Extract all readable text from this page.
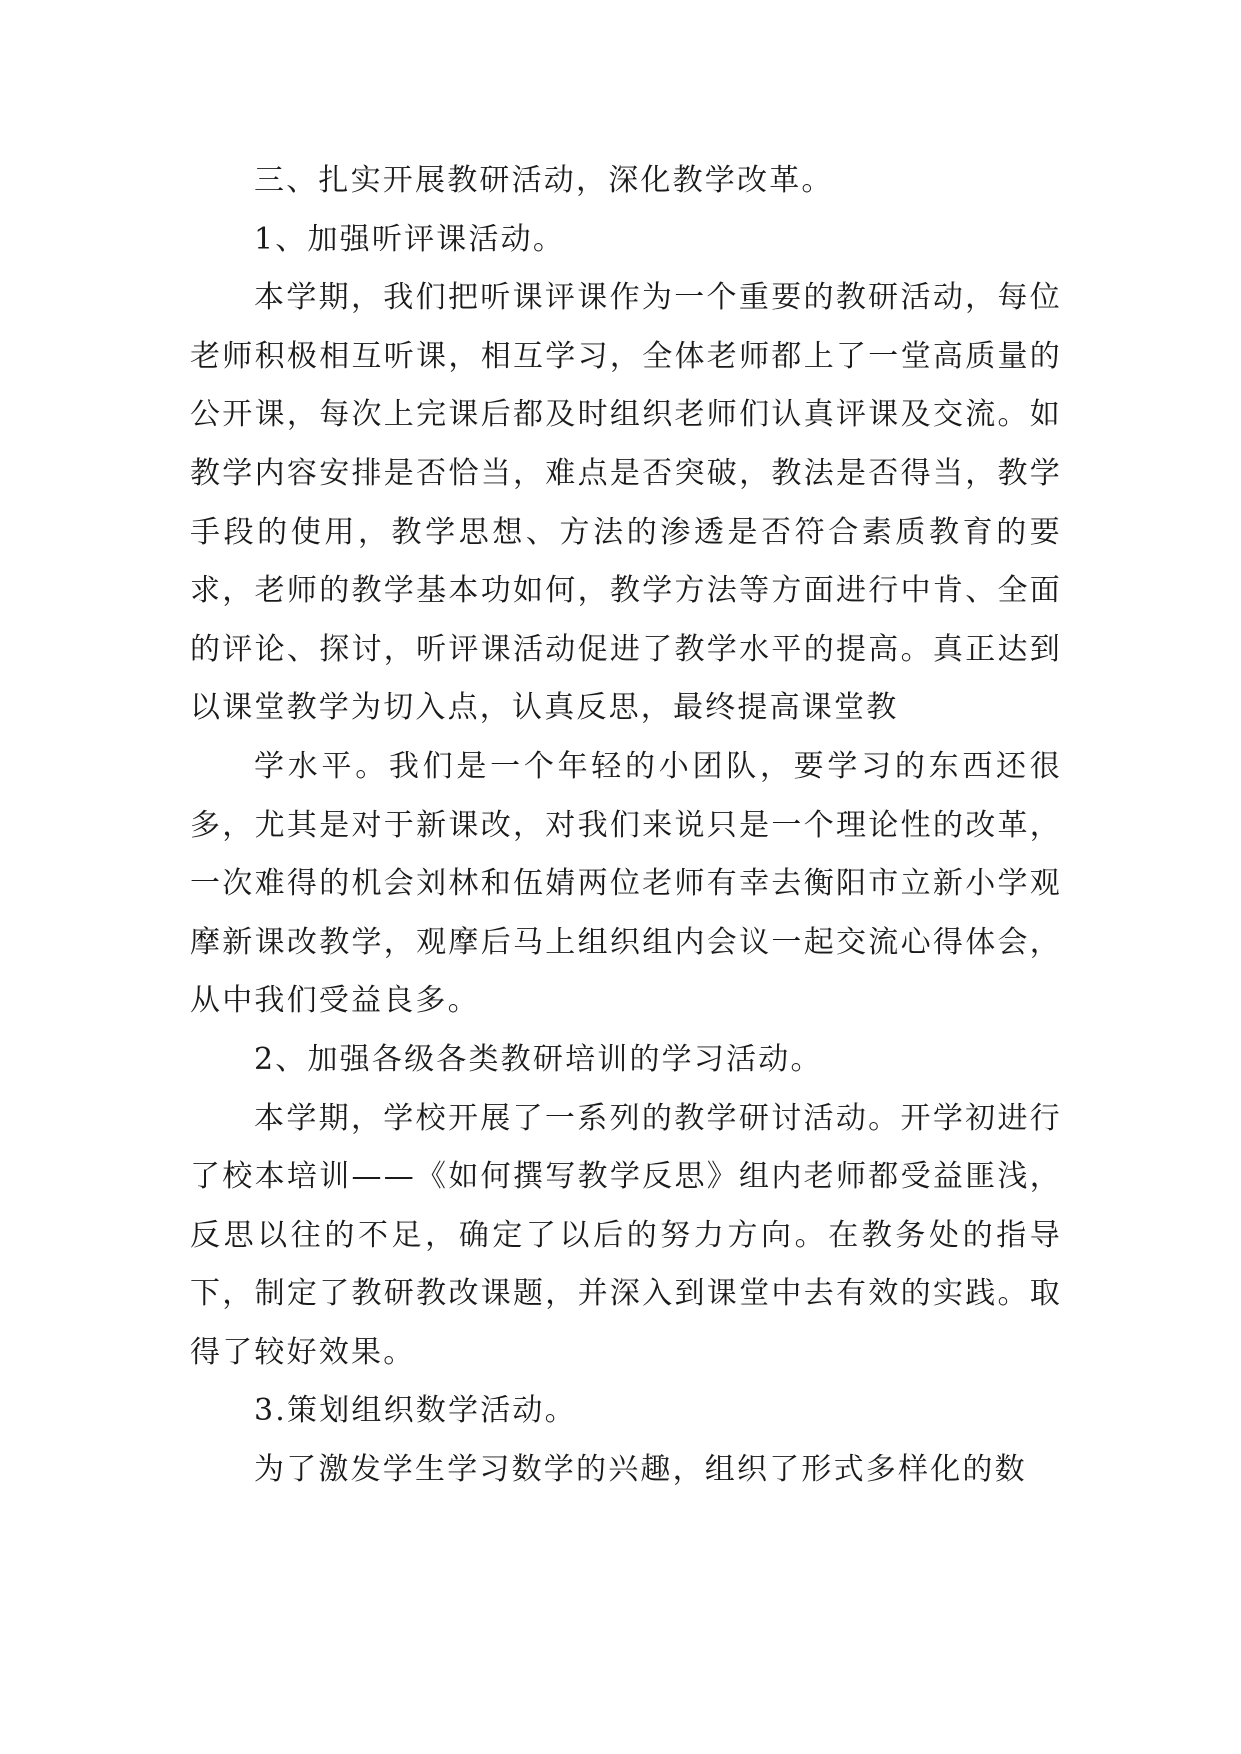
三、扎实开展教研活动，深化教学改革。

1、加强听评课活动。

本学期，我们把听课评课作为一个重要的教研活动，每位老师积极相互听课，相互学习，全体老师都上了一堂高质量的公开课，每次上完课后都及时组织老师们认真评课及交流。如教学内容安排是否恰当，难点是否突破，教法是否得当，教学手段的使用，教学思想、方法的渗透是否符合素质教育的要求，老师的教学基本功如何，教学方法等方面进行中肯、全面的评论、探讨，听评课活动促进了教学水平的提高。真正达到以课堂教学为切入点，认真反思，最终提高课堂教

学水平。我们是一个年轻的小团队，要学习的东西还很多，尤其是对于新课改，对我们来说只是一个理论性的改革，一次难得的机会刘林和伍婧两位老师有幸去衡阳市立新小学观摩新课改教学，观摩后马上组织组内会议一起交流心得体会，从中我们受益良多。

2、加强各级各类教研培训的学习活动。

本学期，学校开展了一系列的教学研讨活动。开学初进行了校本培训——《如何撰写教学反思》组内老师都受益匪浅，反思以往的不足，确定了以后的努力方向。在教务处的指导下，制定了教研教改课题，并深入到课堂中去有效的实践。取得了较好效果。

3.策划组织数学活动。

为了激发学生学习数学的兴趣，组织了形式多样化的数
